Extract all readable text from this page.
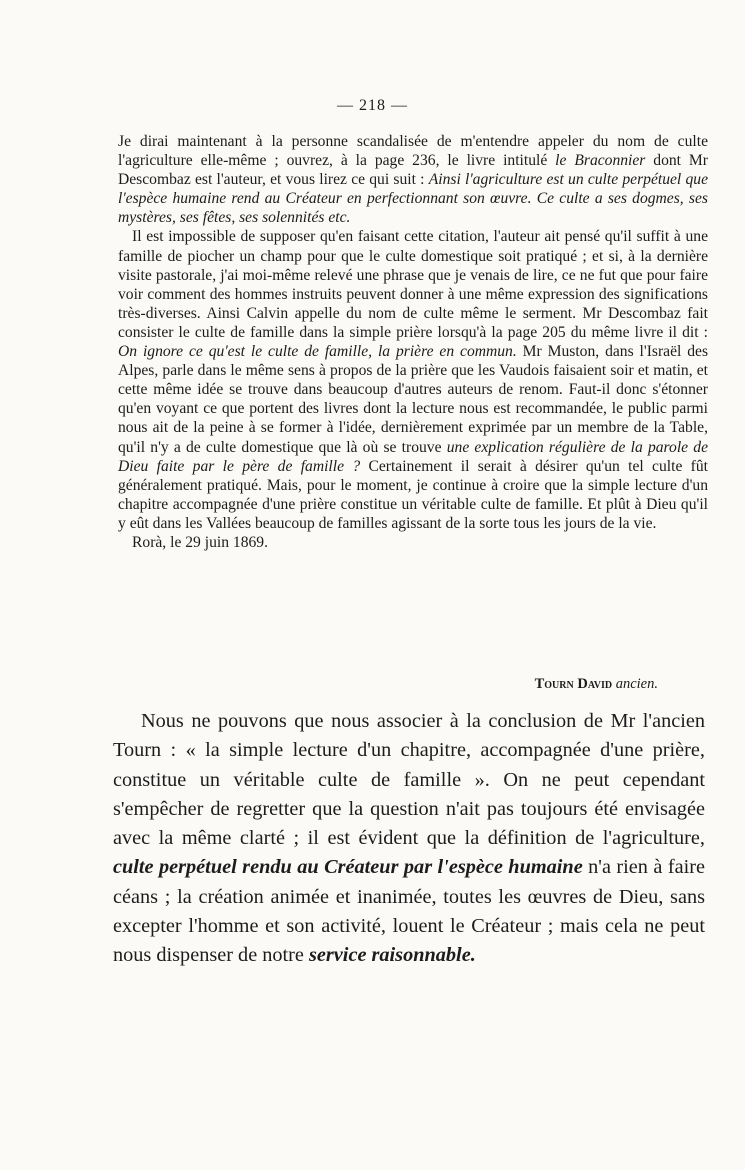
— 218 —

Je dirai maintenant à la personne scandalisée de m'entendre appeler du nom de culte l'agriculture elle-même ; ouvrez, à la page 236, le livre intitulé le Braconnier dont Mr Descombaz est l'auteur, et vous lirez ce qui suit : Ainsi l'agriculture est un culte perpétuel que l'espèce humaine rend au Créateur en perfectionnant son œuvre. Ce culte a ses dogmes, ses mystères, ses fêtes, ses solennités etc.

Il est impossible de supposer qu'en faisant cette citation, l'auteur ait pensé qu'il suffit à une famille de piocher un champ pour que le culte domestique soit pratiqué ; et si, à la dernière visite pastorale, j'ai moi-même relevé une phrase que je venais de lire, ce ne fut que pour faire voir comment des hommes instruits peuvent donner à une même expression des significations très-diverses. Ainsi Calvin appelle du nom de culte même le serment. Mr Descombaz fait consister le culte de famille dans la simple prière lorsqu'à la page 205 du même livre il dit : On ignore ce qu'est le culte de famille, la prière en commun. Mr Muston, dans l'Israël des Alpes, parle dans le même sens à propos de la prière que les Vaudois faisaient soir et matin, et cette même idée se trouve dans beaucoup d'autres auteurs de renom. Faut-il donc s'étonner qu'en voyant ce que portent des livres dont la lecture nous est recommandée, le public parmi nous ait de la peine à se former à l'idée, dernièrement exprimée par un membre de la Table, qu'il n'y a de culte domestique que là où se trouve une explication régulière de la parole de Dieu faite par le père de famille ? Certainement il serait à désirer qu'un tel culte fût généralement pratiqué. Mais, pour le moment, je continue à croire que la simple lecture d'un chapitre accompagnée d'une prière constitue un véritable culte de famille. Et plût à Dieu qu'il y eût dans les Vallées beaucoup de familles agissant de la sorte tous les jours de la vie.

Rorà, le 29 juin 1869.

Tourn David ancien.

Nous ne pouvons que nous associer à la conclusion de Mr l'ancien Tourn : « la simple lecture d'un chapitre, accompagnée d'une prière, constitue un véritable culte de famille ». On ne peut cependant s'empêcher de regretter que la question n'ait pas toujours été envisagée avec la même clarté ; il est évident que la définition de l'agriculture, culte perpétuel rendu au Créateur par l'espèce humaine n'a rien à faire céans ; la création animée et inanimée, toutes les œuvres de Dieu, sans excepter l'homme et son activité, louent le Créateur ; mais cela ne peut nous dispenser de notre service raisonnable.
